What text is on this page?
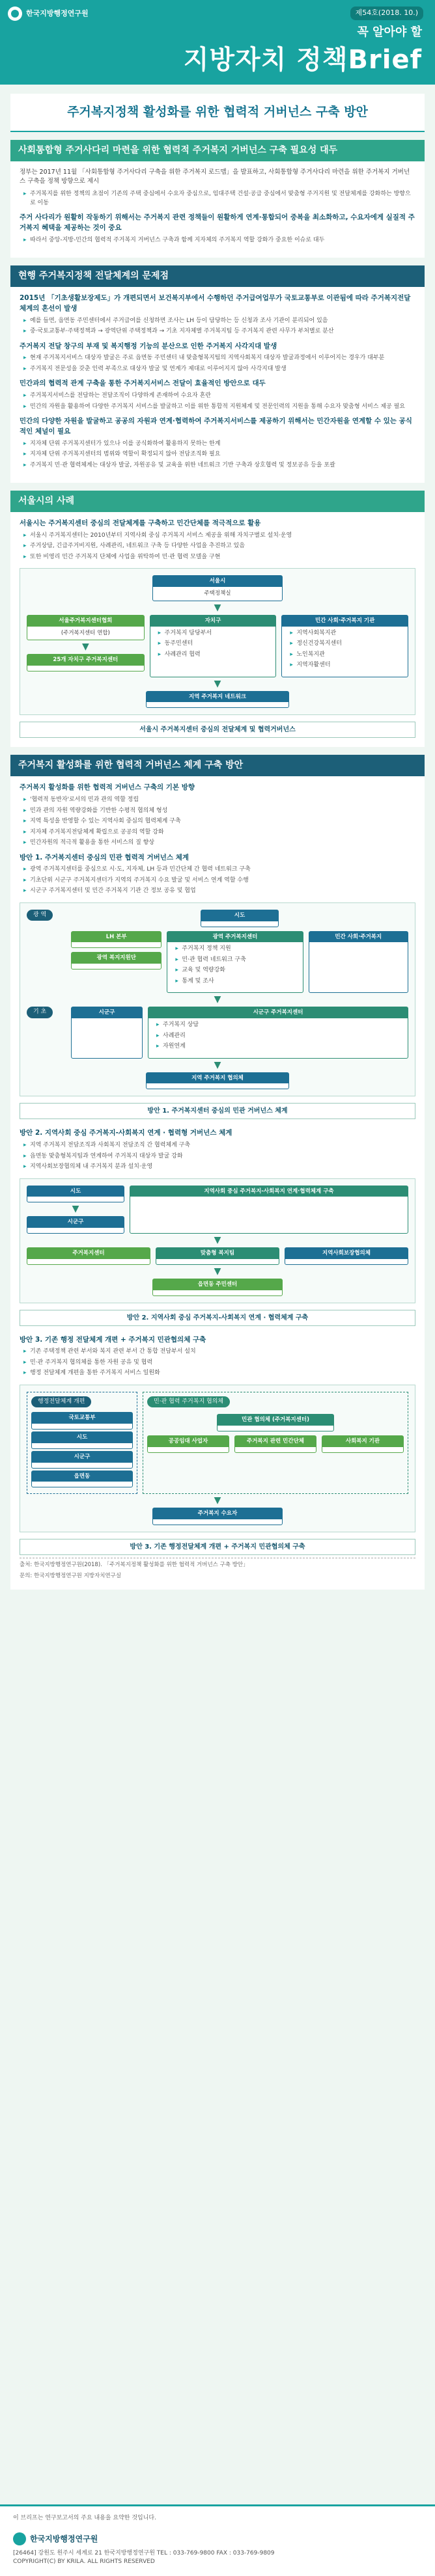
한국지방행정연구원	제54호(2018. 10.)
꼭 알아야 할
지방자치 정책Brief
주거복지정책 활성화를 위한 협력적 거버넌스 구축 방안
사회통합형 주거사다리 마련을 위한 협력적 주거복지 거버넌스 구축 필요성 대두

정부는 2017년 11월 「사회통합형 주거사다리 구축을 위한 주거복지 로드맵」을 발표하고, 사회통합형 주거사다리 마련을 위한 주거복지 거버넌스 구축을 정책 방향으로 제시

▸ 주거복지를 위한 정책의 초점이 기존의 주택 중심에서 수요자 중심으로, 임대주택 건설·공급 중심에서 맞춤형 주거지원 및 전달체계를 강화하는 방향으로 이동

주거 사다리가 원활히 작동하기 위해서는 주거복지 관련 정책들이 원활하게 연계·통합되어 중복을 최소화하고, 수요자에게 실질적 주거복지 혜택을 제공하는 것이 중요

▸ 따라서 중앙-지방-민간의 협력적 주거복지 거버넌스 구축과 함께 지자체의 주거복지 역할 강화가 중요한 이슈로 대두
현행 주거복지정책 전달체계의 문제점

2015년 「기초생활보장제도」가 개편되면서 보건복지부에서 수행하던 주거급여업무가 국토교통부로 이관됨에 따라 주거복지전달체계의 혼선이 발생

▸ 예를 들면, 읍면동 주민센터에서 주거급여를 신청하면 조사는 LH 등이 담당하는 등 신청과 조사 기관이 분리되어 있음
▸ 중·국토교통부·주택정책과 → 광역단위 주택정책과 → 기초 지자체별 주거복지팀 등 주거복지 관련 사무가 부처별로 분산

주거복지 전달 창구의 부재 및 복지행정 기능의 분산으로 인한 주거복지 사각지대 발생

▸ 현재 주거복지서비스 대상자 발굴은 주로 읍면동 주민센터 내 맞춤형복지팀의 지역사회복지 대상자 발굴과정에서 이루어지는 경우가 대부분
▸ 주거복지 전문성을 갖춘 인력 부족으로 대상자 발굴 및 연계가 제대로 이루어지지 않아 사각지대 발생

민간과의 협력적 관계 구축을 통한 주거복지서비스 전달이 효율적인 방안으로 대두

▸ 주거복지서비스를 전담하는 전달조직이 다양하게 존재하여 수요자 혼란
▸ 민간의 자원을 활용하여 다양한 주거복지 서비스를 발굴하고 이를 위한 통합적 지원체계 및 전문인력의 지원을 통해 수요자 맞춤형 서비스 제공 필요

민간의 다양한 자원을 발굴하고 공공의 자원과 연계·협력하여 주거복지서비스를 제공하기 위해서는 민간자원을 연계할 수 있는 공식적인 체널이 필요

▸ 지자체 단위 주거복지센터가 있으나 이를 공식화하여 활용하지 못하는 한계
▸ 지자체 단위 주거복지센터의 범위와 역할이 확정되지 않아 전담조직화 필요
▸ 주거복지 민·관 협력체계는 대상자 발굴, 자원공유 및 교육을 위한 네트워크 기반 구축과 상호협력 및 정보공유 등을 포괄
서울시의 사례

서울시는 주거복지센터 중심의 전달체계를 구축하고 민간단체를 적극적으로 활용

▸ 서울시 주거복지센터는 2010년부터 지역사회 중심 주거복지 서비스 제공을 위해 자치구별로 설치·운영
▸ 주거상담, 긴급주거비지원, 사례관리, 네트워크 구축 등 다양한 사업을 추진하고 있음
▸ 또한 비영리 민간 주거복지 단체에 사업을 위탁하여 민·관 협력 모델을 구현
서울시
주택정책실
▼
서울주거복지센터협회
(주거복지센터 연합)
▼
25개 자치구 주거복지센터
자치구
▸ 주거복지 담당부서
▸ 동주민센터
▸ 사례관리 협력
민간 사회·주거복지 기관
▸ 지역사회복지관
▸ 정신건강복지센터
▸ 노인복지관
▸ 지역자활센터
▼
지역 주거복지 네트워크
서울시 주거복지센터 중심의 전달체계 및 협력거버넌스
주거복지 활성화를 위한 협력적 거버넌스 체계 구축 방안

주거복지 활성화를 위한 협력적 거버넌스 구축의 기본 방향

▸ '협력적 동반자'로서의 민과 관의 역할 정립
▸ 민과 관의 자원 역량강화를 기반한 수평적 협의체 형성
▸ 지역 특성을 반영할 수 있는 지역사회 중심의 협력체계 구축
▸ 지자체 주거복지전담체계 확립으로 공공의 역할 강화
▸ 민간자원의 적극적 활용을 통한 서비스의 질 향상

방안 1. 주거복지센터 중심의 민관 협력적 거버넌스 체계

▸ 광역 주거복지센터를 중심으로 시·도, 지자체, LH 등과 민간단체 간 협력 네트워크 구축
▸ 기초단위 시군구 주거복지센터가 지역의 주거복지 수요 발굴 및 서비스 연계 역할 수행
▸ 시군구 주거복지센터 및 민간 주거복지 기관 간 정보 공유 및 협업
광 역	시도
LH 본부
광역 복지지원단
광역 주거복지센터
▸ 주거복지 정책 지원
▸ 민·관 협력 네트워크 구축
▸ 교육 및 역량강화
▸ 통계 및 조사
민간 사회·주거복지
▼
기 초	시군구	시군구 주거복지센터
▸ 주거복지 상담
▸ 사례관리
▸ 자원연계
▼
지역 주거복지 협의체
방안 1. 주거복지센터 중심의 민관 거버넌스 체계

방안 2. 지역사회 중심 주거복지-사회복지 연계 · 협력형 거버넌스 체계

▸ 지역 주거복지 전담조직과 사회복지 전담조직 간 협력체계 구축
▸ 읍면동 맞춤형복지팀과 연계하여 주거복지 대상자 발굴 강화
▸ 지역사회보장협의체 내 주거복지 분과 설치·운영
시도
▼
시군구
지역사회 중심 주거복지-사회복지 연계·협력체계 구축
▼
주거복지센터	맞춤형 복지팀	지역사회보장협의체
▼
읍면동 주민센터
방안 2. 지역사회 중심 주거복지-사회복지 연계 · 협력체계 구축

방안 3. 기존 행정 전달체계 개편 + 주거복지 민관협의체 구축

▸ 기존 주택정책 관련 부서와 복지 관련 부서 간 통합 전담부서 설치
▸ 민·관 주거복지 협의체를 통한 자원 공유 및 협력
▸ 행정 전달체계 개편을 통한 주거복지 서비스 일원화
행정전달체계 개편
국토교통부
시도
시군구
읍면동
민·관 협력 주거복지 협의체
민관 협의체 (주거복지센터)
공공임대 사업자	주거복지 관련 민간단체	사회복지 기관
▼
주거복지 수요자
방안 3. 기존 행정전달체계 개편 + 주거복지 민관협의체 구축

출처: 한국지방행정연구원(2018). 「주거복지정책 활성화를 위한 협력적 거버넌스 구축 방안」

문의: 한국지방행정연구원 지방자치연구실

이 브리프는 연구보고서의 주요 내용을 요약한 것입니다.
한국지방행정연구원
[26464] 강원도 원주시 세계로 21 한국지방행정연구원 TEL : 033-769-9800 FAX : 033-769-9809
COPYRIGHT(C) BY KRILA. ALL RIGHTS RESERVED
